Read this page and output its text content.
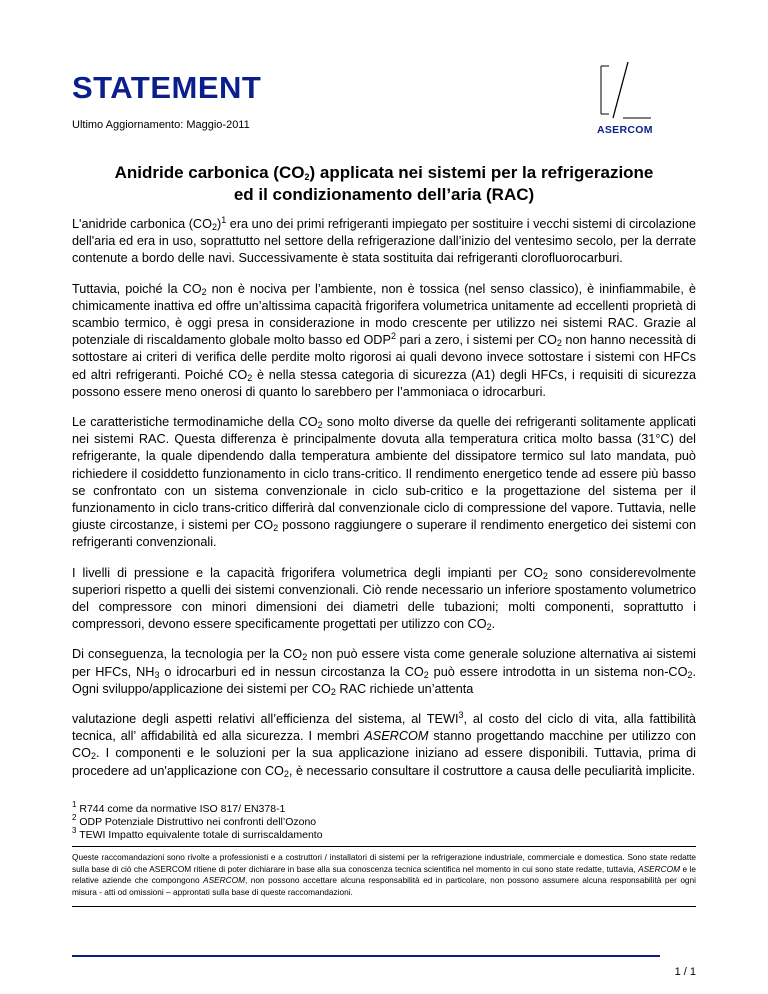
STATEMENT
Ultimo Aggiornamento: Maggio-2011	ASERCOM
Anidride carbonica $(CO_2)$ applicata nei sistemi per la refrigerazione
ed il condizionamento dell’aria (RAC)

L'anidride carbonica $(CO_2)^1$ era uno dei primi refrigeranti impiegato per sostituire i vecchi sistemi di circolazione dell'aria ed era in uso, soprattutto nel settore della refrigerazione dall’inizio del ventesimo secolo, per la derrate contenute a bordo delle navi. Successivamente è stata sostituita dai refrigeranti clorofluorocarburi.

Tuttavia, poiché la $CO_2$ non è nociva per l’ambiente, non è tossica (nel senso classico), è ininfiammabile, è chimicamente inattiva ed offre un’altissima capacità frigorifera volumetrica unitamente ad eccellenti proprietà di scambio termico, è oggi presa in considerazione in modo crescente per utilizzo nei sistemi RAC. Grazie al potenziale di riscaldamento globale molto basso ed ODP$^2$ pari a zero, i sistemi per $CO_2$ non hanno necessità di sottostare ai criteri di verifica delle perdite molto rigorosi ai quali devono invece sottostare i sistemi con HFCs ed altri refrigeranti. Poiché $CO_2$ è nella stessa categoria di sicurezza (A1) degli HFCs, i requisiti di sicurezza possono essere meno onerosi di quanto lo sarebbero per l’ammoniaca o idrocarburi.

Le caratteristiche termodinamiche della $CO_2$ sono molto diverse da quelle dei refrigeranti solitamente applicati nei sistemi RAC. Questa differenza è principalmente dovuta alla temperatura critica molto bassa (31°C) del refrigerante, la quale dipendendo dalla temperatura ambiente del dissipatore termico sul lato mandata, può richiedere il cosiddetto funzionamento in ciclo trans-critico. Il rendimento energetico tende ad essere più basso se confrontato con un sistema convenzionale in ciclo sub-critico e la progettazione del sistema per il funzionamento in ciclo trans-critico differirà dal convenzionale ciclo di compressione del vapore. Tuttavia, nelle giuste circostanze, i sistemi per $CO_2$ possono raggiungere o superare il rendimento energetico dei sistemi con refrigeranti convenzionali.

I livelli di pressione e la capacità frigorifera volumetrica degli impianti per $CO_2$ sono considerevolmente superiori rispetto a quelli dei sistemi convenzionali. Ciò rende necessario un inferiore spostamento volumetrico del compressore con minori dimensioni dei diametri delle tubazioni; molti componenti, soprattutto i compressori, devono essere specificamente progettati per utilizzo con $CO_2$.

Di conseguenza, la tecnologia per la $CO_2$ non può essere vista come generale soluzione alternativa ai sistemi per HFCs, $NH_3$ o idrocarburi ed in nessun circostanza la $CO_2$ può essere introdotta in un sistema non-$CO_2$. Ogni sviluppo/applicazione dei sistemi per $CO_2$ RAC richiede un’attenta

valutazione degli aspetti relativi all’efficienza del sistema, al TEWI$^3$, al costo del ciclo di vita, alla fattibilità tecnica, all’ affidabilità ed alla sicurezza. I membri ASERCOM stanno progettando macchine per utilizzo con $CO_2$. I componenti e le soluzioni per la sua applicazione iniziano ad essere disponibili. Tuttavia, prima di procedere ad un'applicazione con $CO_2$, è necessario consultare il costruttore a causa delle peculiarità implicite.

$^1$ R744 come da normative ISO 817/ EN378-1
$^2$ ODP Potenziale Distruttivo nei confronti dell’Ozono
$^3$ TEWI Impatto equivalente totale di surriscaldamento
Queste raccomandazioni sono rivolte a professionisti e a costruttori / installatori di sistemi per la refrigerazione industriale, commerciale e domestica. Sono state redatte sulla base di ciò che ASERCOM ritiene di poter dichiarare in base alla sua conoscenza tecnica scientifica nel momento in cui sono state redatte, tuttavia, ASERCOM e le relative aziende che compongono ASERCOM, non possono accettare alcuna responsabilità ed in particolare, non possono assumere alcuna responsabilità per ogni misura - atti od omissioni – approntati sulla base di queste raccomandazioni.
1 / 1
